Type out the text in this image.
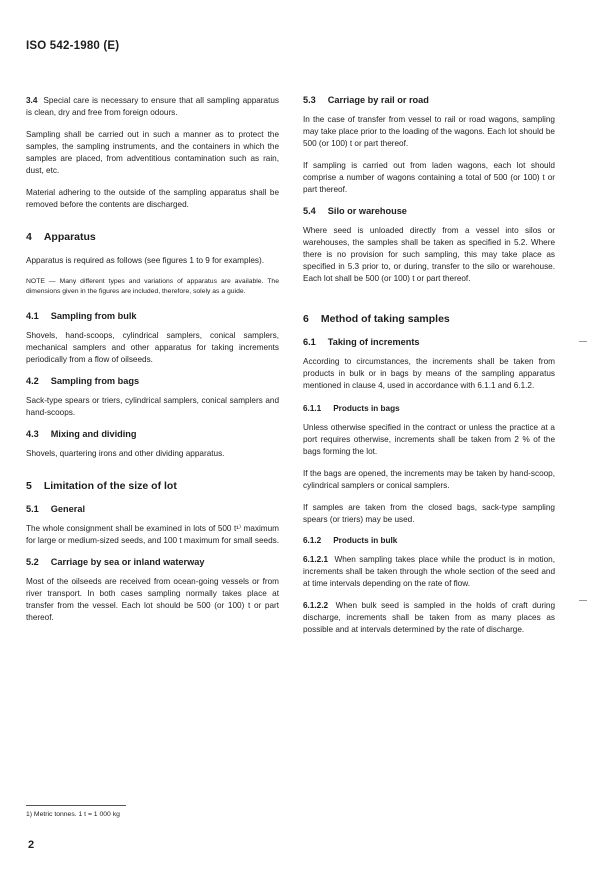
ISO 542-1980 (E)

3.4 Special care is necessary to ensure that all sampling apparatus is clean, dry and free from foreign odours.

Sampling shall be carried out in such a manner as to protect the samples, the sampling instruments, and the containers in which the samples are placed, from adventitious contamination such as rain, dust, etc.

Material adhering to the outside of the sampling apparatus shall be removed before the contents are discharged.

4 Apparatus

Apparatus is required as follows (see figures 1 to 9 for examples).

NOTE — Many different types and variations of apparatus are available. The dimensions given in the figures are included, therefore, solely as a guide.

4.1 Sampling from bulk

Shovels, hand-scoops, cylindrical samplers, conical samplers, mechanical samplers and other apparatus for taking increments periodically from a flow of oilseeds.

4.2 Sampling from bags

Sack-type spears or triers, cylindrical samplers, conical samplers and hand-scoops.

4.3 Mixing and dividing

Shovels, quartering irons and other dividing apparatus.

5 Limitation of the size of lot
5.1 General

The whole consignment shall be examined in lots of 500 t¹⁾ maximum for large or medium-sized seeds, and 100 t maximum for small seeds.

5.2 Carriage by sea or inland waterway

Most of the oilseeds are received from ocean-going vessels or from river transport. In both cases sampling normally takes place at transfer from the vessel. Each lot should be 500 (or 100) t or part thereof.

5.3 Carriage by rail or road

In the case of transfer from vessel to rail or road wagons, sampling may take place prior to the loading of the wagons. Each lot should be 500 (or 100) t or part thereof.

If sampling is carried out from laden wagons, each lot should comprise a number of wagons containing a total of 500 (or 100) t or part thereof.

5.4 Silo or warehouse

Where seed is unloaded directly from a vessel into silos or warehouses, the samples shall be taken as specified in 5.2. Where there is no provision for such sampling, this may take place as specified in 5.3 prior to, or during, transfer to the silo or warehouse. Each lot shall be 500 (or 100) t or part thereof.

6 Method of taking samples
6.1 Taking of increments

According to circumstances, the increments shall be taken from products in bulk or in bags by means of the sampling apparatus mentioned in clause 4, used in accordance with 6.1.1 and 6.1.2.

6.1.1 Products in bags

Unless otherwise specified in the contract or unless the practice at a port requires otherwise, increments shall be taken from 2 % of the bags forming the lot.

If the bags are opened, the increments may be taken by hand-scoop, cylindrical samplers or conical samplers.

If samples are taken from the closed bags, sack-type sampling spears (or triers) may be used.

6.1.2 Products in bulk

6.1.2.1 When sampling takes place while the product is in motion, increments shall be taken through the whole section of the seed and at time intervals depending on the rate of flow.

6.1.2.2 When bulk seed is sampled in the holds of craft during discharge, increments shall be taken from as many places as possible and at intervals determined by the rate of discharge.

1) Metric tonnes. 1 t = 1 000 kg
2
